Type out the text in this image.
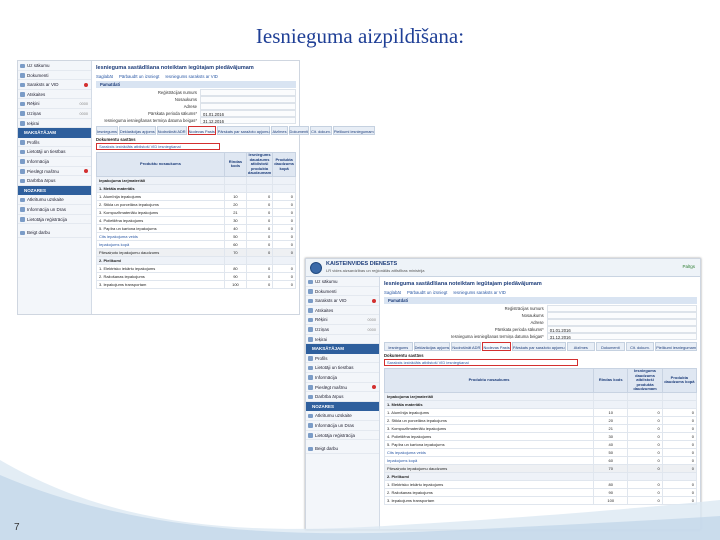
Iesnieguma aizpildīšana:
Uz sākumu
Dokumenti
Saraksts ar VID
Atskaites
Rēķini	0000
Izziņas	0000
Ieķirai
MAKSĀTĀJAM
Profils
Lietotāji un tiesības
Informācija
Pieslēgt mašīnu
Darbība ārpus
NOZARES
Atkritumu uzskaite
Informācija un Dras
Lietotāja reģistrācija
Beigt darbu
Iesnieguma sastādīšana noteiktam iegūtajam piedāvājumam
Saglabāt Pārbaudīt un izsniegt Iesniegums saraksts ar VID
Pamatdati
Reģistrācijas numurs
Nosaukums
Adrese
Pārskata perioda sākums*	01.01.2016
Iesnieguma iesniegšanas termiņa datuma beigas*	31.12.2016
Iesniegums Deklarācijas apjoms Nodrošināt ADR Nodevas Pasts Pārskats par saražoto apjomu Atzīmes Dokumenti Cit. dokum. Pielikumi iesniegumam
Dokumentu sastāvs
Saraksts izstrādāts atbilstoši VID iesniegšanai
Produktu nosaukums	Rindas kods	Iesniegums daudzums atbilstoši produkta daudzumam	Produkta daudzums kopā
Iepakojuma izejmateriāli			
1. Metāla materiāls			
1. Alumīnija iepakojums	10	0	0
2. Stikla un porcelāna iepakojums	20	0	0
3. Kompozītmateriālu iepakojums	21	0	0
4. Polietilēna iepakojums	30	0	0
5. Papīra un kartona iepakojums	40	0	0
Cits iepakojuma veids	50	0	0
Iepakojums kopā	60	0	0
Pārsaiņoto iepakojumu daudzums	70	0	0
2. Pielikumi			
1. Elektrisko iekārtu iepakojums	80	0	0
2. Ražošanas iepakojums	90	0	0
3. Iepakojums transportam	100	0	0
KAISTEINVIDES DIENESTS
LR vides aizsardzības un reģionālās attīstības ministrija
Palīgs
Uz sākumu
Dokumenti
Saraksts ar VID
Atskaites
Rēķini	0000
Izziņas	0000
Ieķirai
MAKSĀTĀJAM
Profils
Lietotāji un tiesības
Informācija
Pieslēgt mašīnu
Darbība ārpus
NOZARES
Atkritumu uzskaite
Informācija un Dras
Lietotāja reģistrācija
Beigt darbu
Iesnieguma sastādīšana noteiktam iegūtajam piedāvājumam
Saglabāt Pārbaudīt un izsniegt Iesniegums saraksts ar VID
Pamatdati
Reģistrācijas numurs
Nosaukums
Adrese
Pārskata perioda sākums*	01.01.2016
Iesnieguma iesniegšanas termiņa datuma beigas*	31.12.2016
Iesniegums	Deklarācijas apjoms Nodrošināt ADR Nodevas Pasts Pārskats par saražoto apjomu	Atzīmes	Dokumenti	Cit. dokum.	Pielikumi iesniegumam
Dokumentu sastāvs
Saraksts izstrādāts atbilstoši VID iesniegšanai
Produktu nosaukums	Rindas kods	Iesniegums daudzums atbilstoši produkta daudzumam	Produkta daudzums kopā
Iepakojuma izejmateriāli			
1. Metāla materiāls			
1. Alumīnija iepakojums	10	0	0
2. Stikla un porcelāna iepakojums	20	0	0
3. Kompozītmateriālu iepakojums	21	0	0
4. Polietilēna iepakojums	30	0	0
5. Papīra un kartona iepakojums	40	0	0
Cits iepakojuma veids	50	0	0
Iepakojums kopā	60	0	0
Pārsaiņoto iepakojumu daudzums	70	0	0
2. Pielikumi			
1. Elektrisko iekārtu iepakojums	80	0	0
2. Ražošanas iepakojums	90	0	0
3. Iepakojums transportam	100	0	0
7
